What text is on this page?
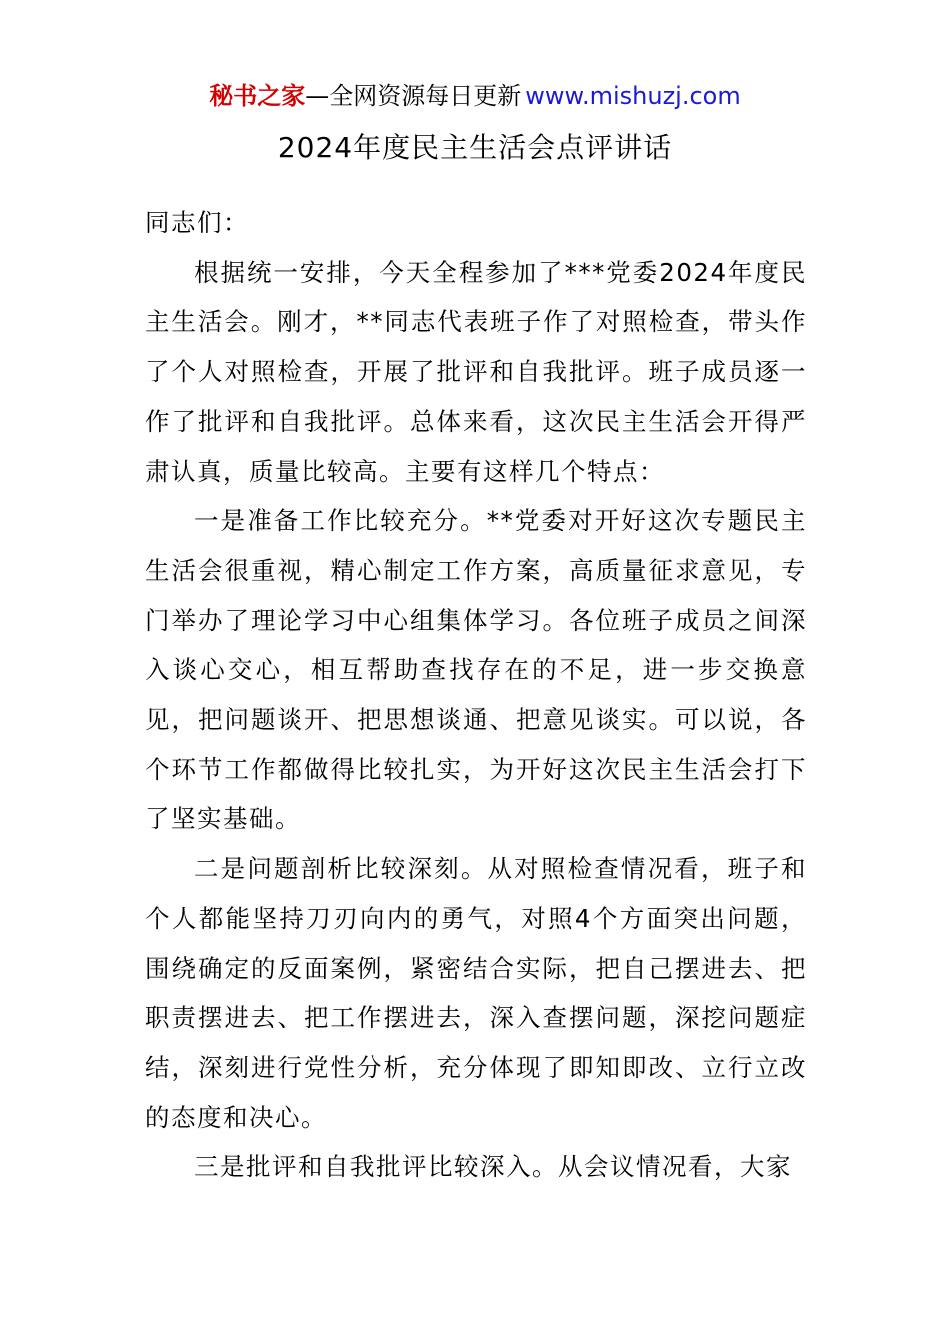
秘书之家—全网资源每日更新 www.mishuzj.com
2024年度民主生活会点评讲话

同志们：

根据统一安排，今天全程参加了***党委2024年度民主生活会。刚才，**同志代表班子作了对照检查，带头作了个人对照检查，开展了批评和自我批评。班子成员逐一作了批评和自我批评。总体来看，这次民主生活会开得严肃认真，质量比较高。主要有这样几个特点：

一是准备工作比较充分。**党委对开好这次专题民主生活会很重视，精心制定工作方案，高质量征求意见，专门举办了理论学习中心组集体学习。各位班子成员之间深入谈心交心，相互帮助查找存在的不足，进一步交换意见，把问题谈开、把思想谈通、把意见谈实。可以说，各个环节工作都做得比较扎实，为开好这次民主生活会打下了坚实基础。

二是问题剖析比较深刻。从对照检查情况看，班子和个人都能坚持刀刃向内的勇气，对照4个方面突出问题，围绕确定的反面案例，紧密结合实际，把自己摆进去、把职责摆进去、把工作摆进去，深入查摆问题，深挖问题症结，深刻进行党性分析，充分体现了即知即改、立行立改的态度和决心。

三是批评和自我批评比较深入。从会议情况看，大家
